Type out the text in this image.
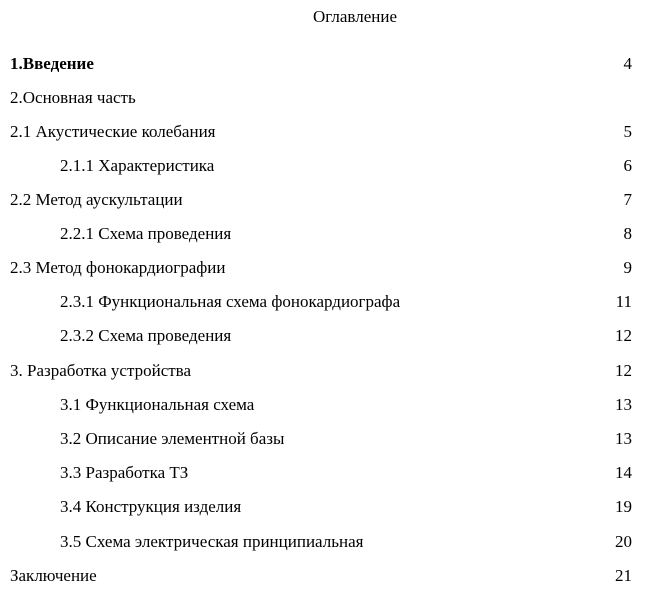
Оглавление
1.Введение	4
2.Основная часть
2.1 Акустические колебания	5
2.1.1 Характеристика	6
2.2 Метод аускультации	7
2.2.1 Схема проведения	8
2.3 Метод фонокардиографии	9
2.3.1 Функциональная схема фонокардиографа	11
2.3.2 Схема проведения	12
3. Разработка устройства	12
3.1 Функциональная схема	13
3.2 Описание элементной базы	13
3.3 Разработка ТЗ	14
3.4 Конструкция изделия	19
3.5 Схема электрическая принципиальная	20
Заключение	21
